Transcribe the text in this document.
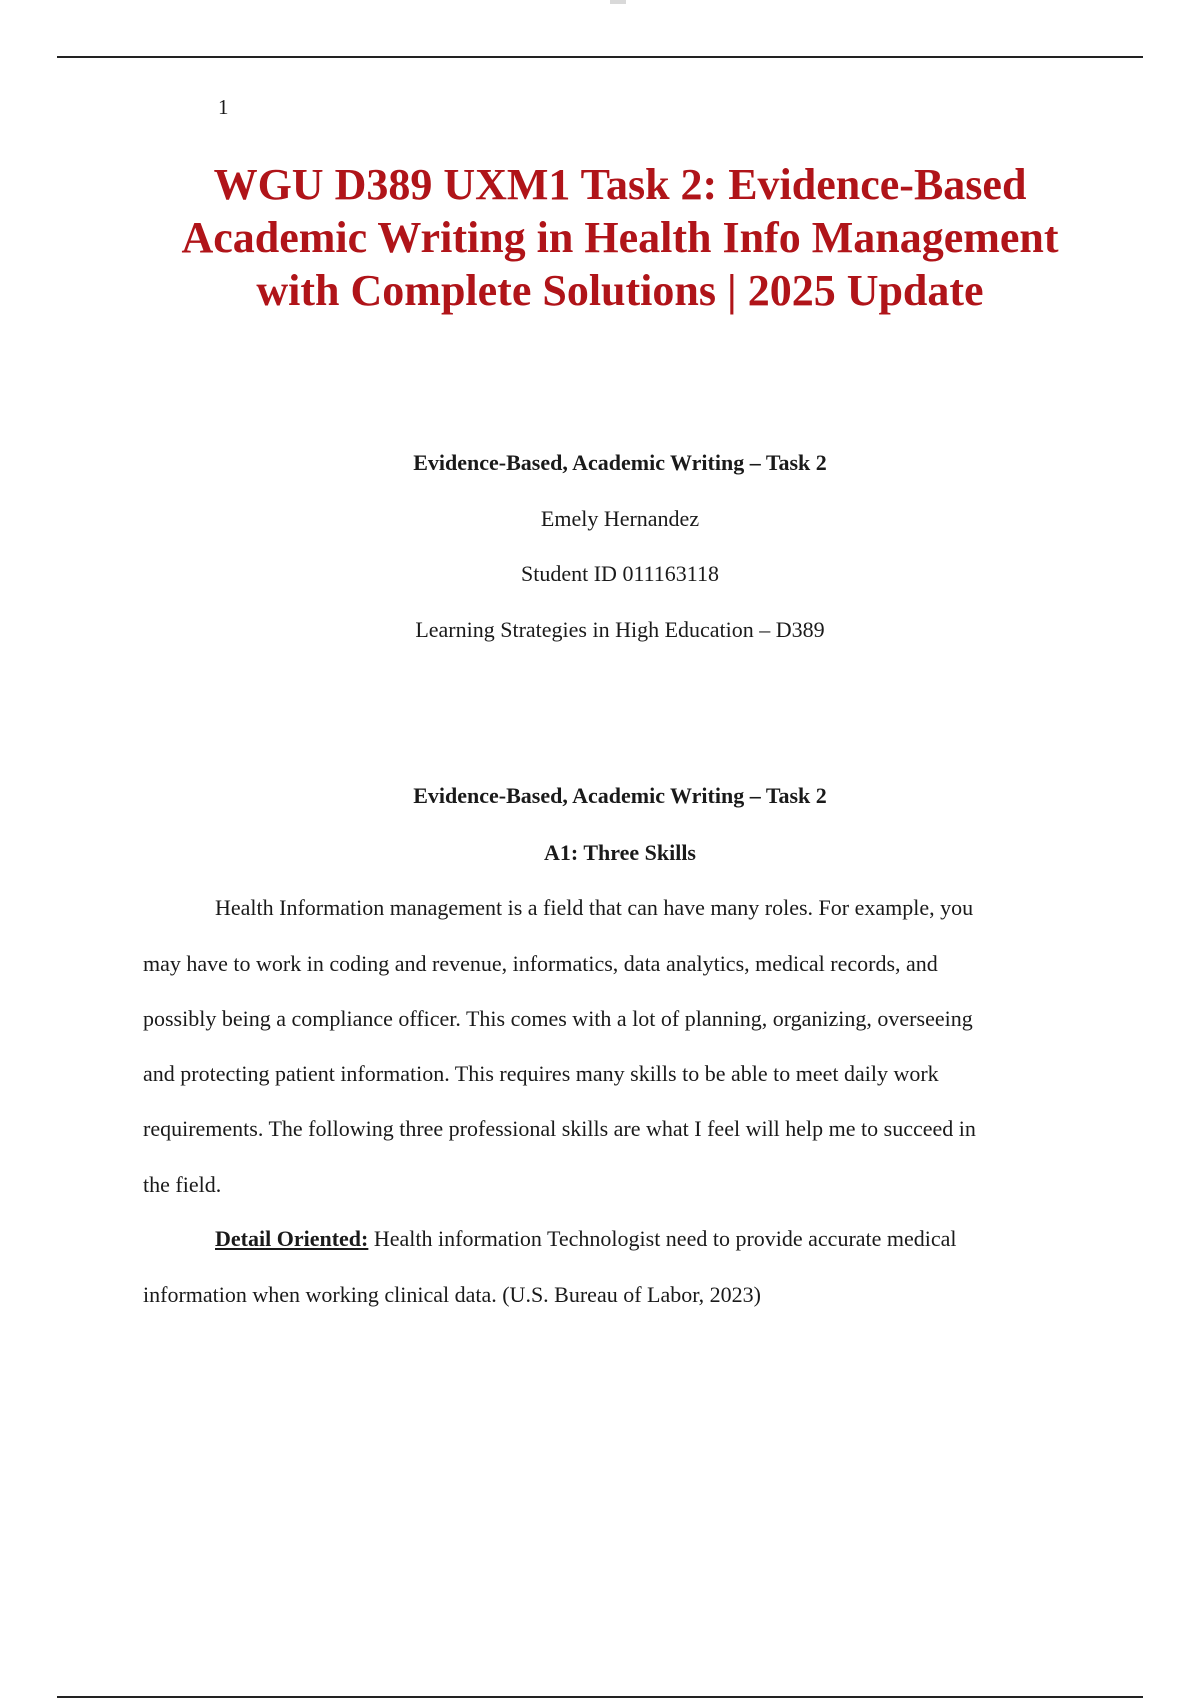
1
WGU D389 UXM1 Task 2: Evidence-Based
Academic Writing in Health Info Management
with Complete Solutions | 2025 Update
Evidence-Based, Academic Writing – Task 2
Emely Hernandez
Student ID 011163118
Learning Strategies in High Education – D389
Evidence-Based, Academic Writing – Task 2
A1: Three Skills
Health Information management is a field that can have many roles. For example, you
may have to work in coding and revenue, informatics, data analytics, medical records, and
possibly being a compliance officer. This comes with a lot of planning, organizing, overseeing
and protecting patient information. This requires many skills to be able to meet daily work
requirements. The following three professional skills are what I feel will help me to succeed in
the field.
Detail Oriented: Health information Technologist need to provide accurate medical
information when working clinical data. (U.S. Bureau of Labor, 2023)
